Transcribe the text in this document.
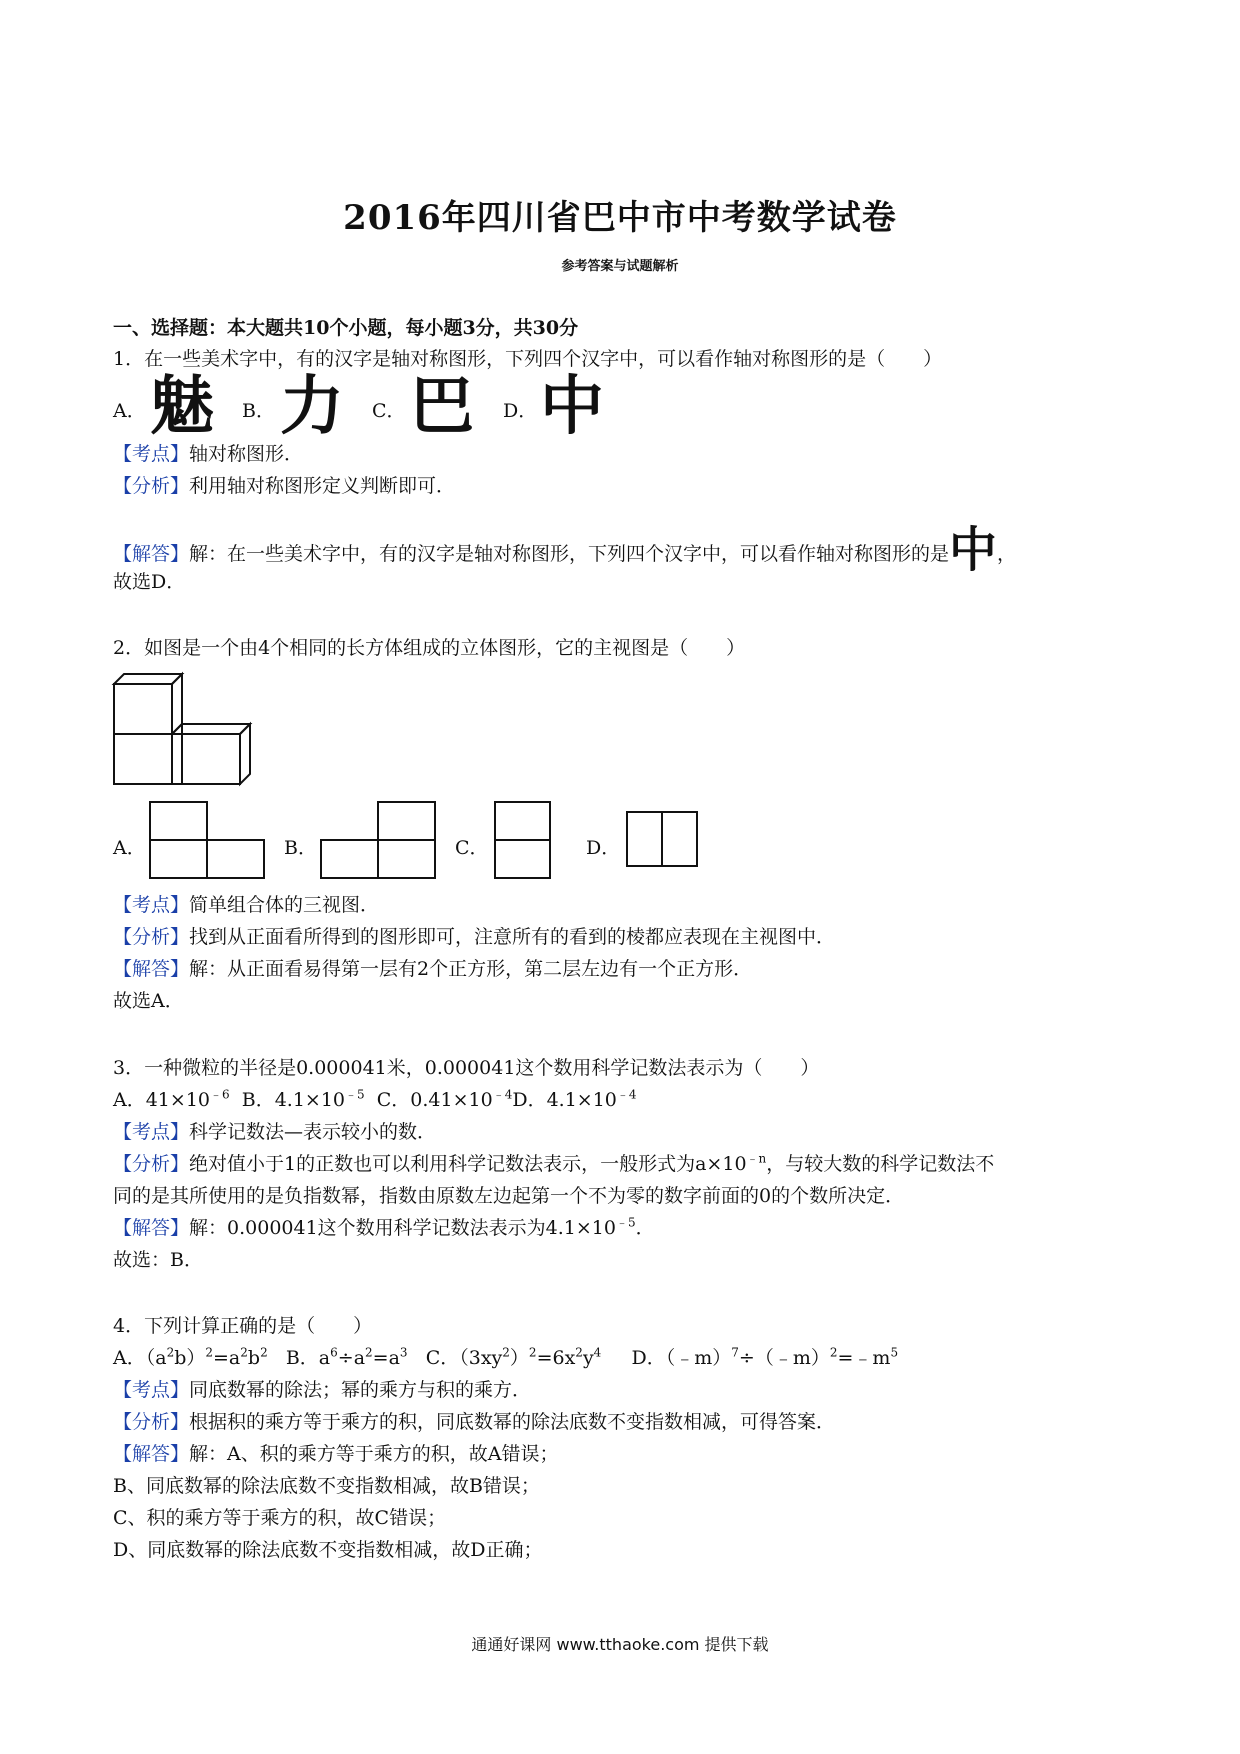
2016年四川省巴中市中考数学试卷
参考答案与试题解析
一、选择题：本大题共10个小题，每小题3分，共30分
1．在一些美术字中，有的汉字是轴对称图形，下列四个汉字中，可以看作轴对称图形的是（　　）
A． 魅 B． 力 C． 巴 D． 中
【考点】轴对称图形．
【分析】利用轴对称图形定义判断即可．
【解答】解：在一些美术字中，有的汉字是轴对称图形，下列四个汉字中，可以看作轴对称图形的是中，
故选D．
2．如图是一个由4个相同的长方体组成的立体图形，它的主视图是（　　）
A．	B．	C．	D．
【考点】简单组合体的三视图．
【分析】找到从正面看所得到的图形即可，注意所有的看到的棱都应表现在主视图中．
【解答】解：从正面看易得第一层有2个正方形，第二层左边有一个正方形．
故选A．
3．一种微粒的半径是0.000041米，0.000041这个数用科学记数法表示为（　　）
A．$41\times 10^{﹣6}$ B．$4.1\times 10^{﹣5}$ C．$0.41\times 10^{﹣4}D$．$4.1\times 10^{﹣4}$
【考点】科学记数法—表示较小的数．
【分析】绝对值小于1的正数也可以利用科学记数法表示，一般形式为$a\times 10^{﹣n}$，与较大数的科学记数法不
同的是其所使用的是负指数幂，指数由原数左边起第一个不为零的数字前面的0的个数所决定．
【解答】解：0.000041这个数用科学记数法表示为$4.1\times 10^{﹣5}$．
故选：B．
4．下列计算正确的是（　　）
A．$(a^2b)^2=a^2b^2$ B．$a^6\div a^2=a^3$ C．$(3xy^2)^2=6x^2y^4$ D．$(﹣m)^7\div(﹣m)^2=﹣m^5$
【考点】同底数幂的除法；幂的乘方与积的乘方．
【分析】根据积的乘方等于乘方的积，同底数幂的除法底数不变指数相减，可得答案．
【解答】解：A、积的乘方等于乘方的积，故A错误；
B、同底数幂的除法底数不变指数相减，故B错误；
C、积的乘方等于乘方的积，故C错误；
D、同底数幂的除法底数不变指数相减，故D正确；
通通好课网 www.tthaoke.com 提供下载
